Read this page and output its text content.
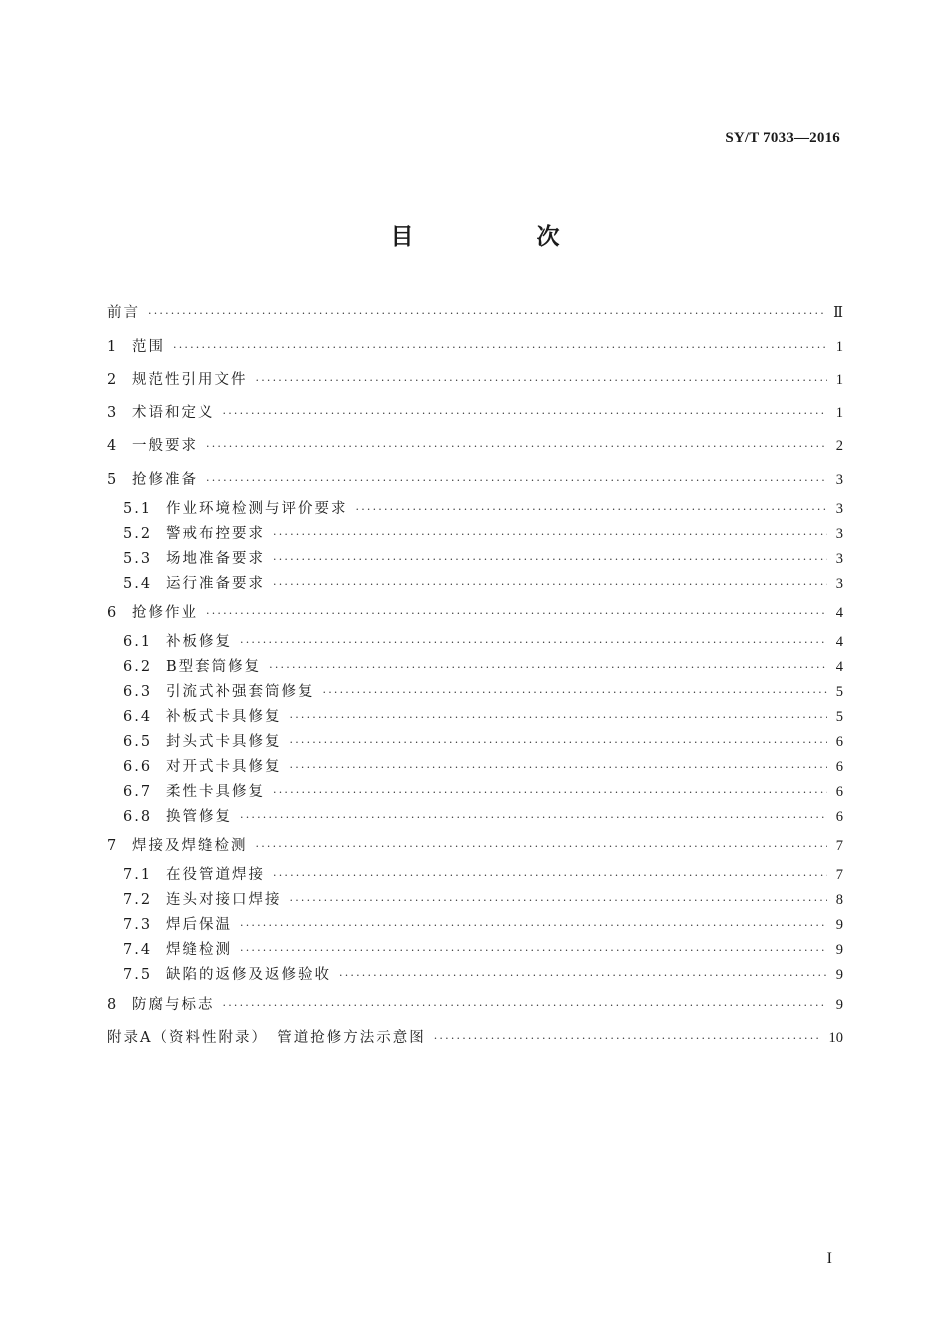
SY/T 7033—2016
目　次
前言 ·····	Ⅱ
1 范围 ·····	1
2 规范性引用文件 ·····	1
3 术语和定义 ·····	1
4 一般要求 ·····	2
5 抢修准备 ·····	3
5.1 作业环境检测与评价要求 ·····	3
5.2 警戒布控要求 ·····	3
5.3 场地准备要求 ·····	3
5.4 运行准备要求 ·····	3
6 抢修作业 ·····	4
6.1 补板修复 ·····	4
6.2 B型套筒修复 ·····	4
6.3 引流式补强套筒修复 ·····	5
6.4 补板式卡具修复 ·····	5
6.5 封头式卡具修复 ·····	6
6.6 对开式卡具修复 ·····	6
6.7 柔性卡具修复 ·····	6
6.8 换管修复 ·····	6
7 焊接及焊缝检测 ·····	7
7.1 在役管道焊接 ·····	7
7.2 连头对接口焊接 ·····	8
7.3 焊后保温 ·····	9
7.4 焊缝检测 ·····	9
7.5 缺陷的返修及返修验收 ·····	9
8 防腐与标志 ·····	9
附录A（资料性附录）　管道抢修方法示意图 ·····	10
I
